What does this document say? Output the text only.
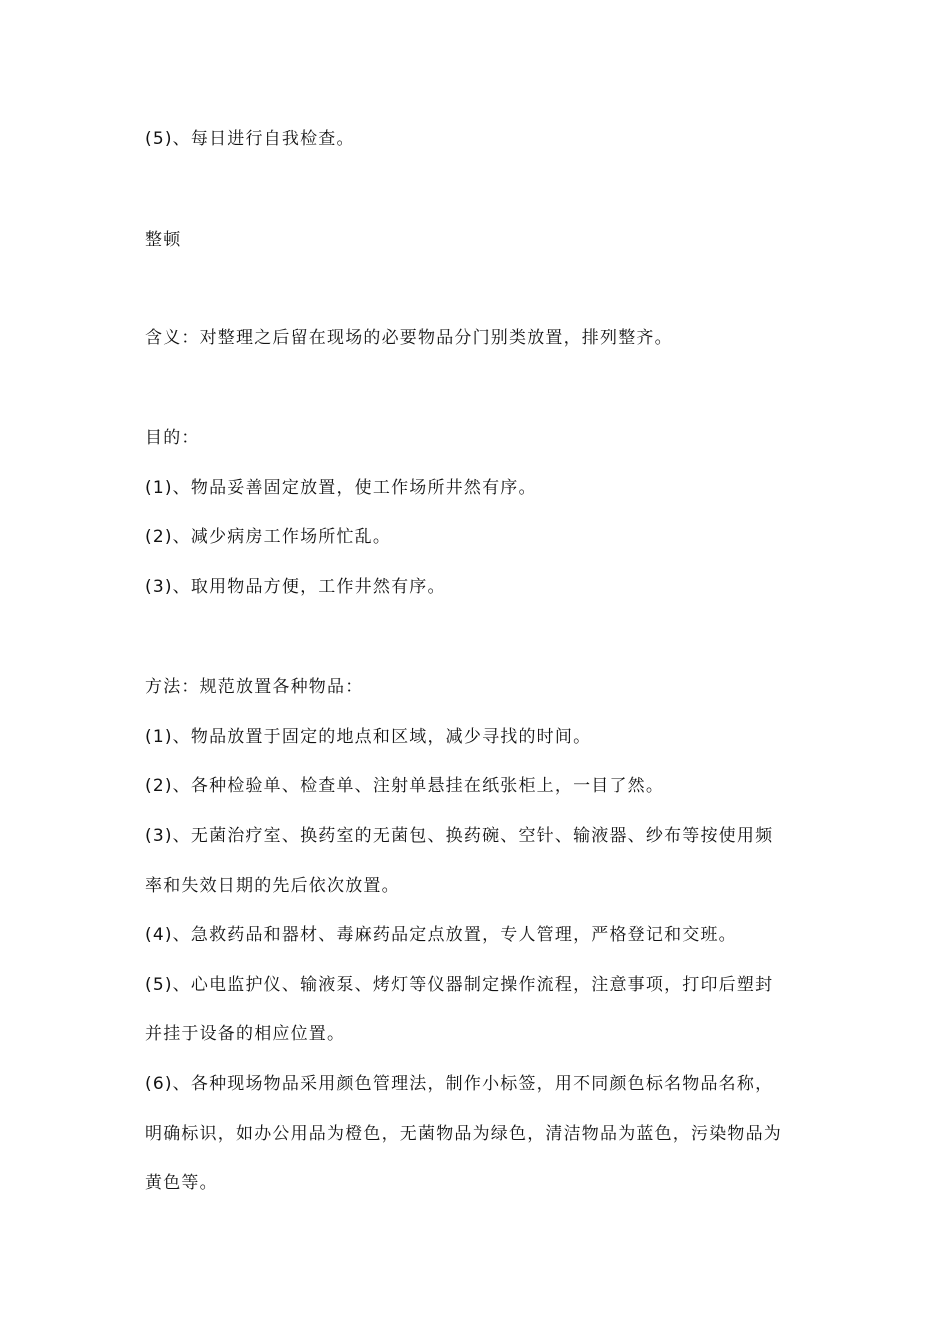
(5)、每日进行自我检查。
整顿
含义：对整理之后留在现场的必要物品分门别类放置，排列整齐。
目的：
(1)、物品妥善固定放置，使工作场所井然有序。
(2)、减少病房工作场所忙乱。
(3)、取用物品方便，工作井然有序。
方法：规范放置各种物品：
(1)、物品放置于固定的地点和区域，减少寻找的时间。
(2)、各种检验单、检查单、注射单悬挂在纸张柜上，一目了然。
(3)、无菌治疗室、换药室的无菌包、换药碗、空针、输液器、纱布等按使用频
率和失效日期的先后依次放置。
(4)、急救药品和器材、毒麻药品定点放置，专人管理，严格登记和交班。
(5)、心电监护仪、输液泵、烤灯等仪器制定操作流程，注意事项，打印后塑封
并挂于设备的相应位置。
(6)、各种现场物品采用颜色管理法，制作小标签，用不同颜色标名物品名称，
明确标识，如办公用品为橙色，无菌物品为绿色，清洁物品为蓝色，污染物品为
黄色等。
